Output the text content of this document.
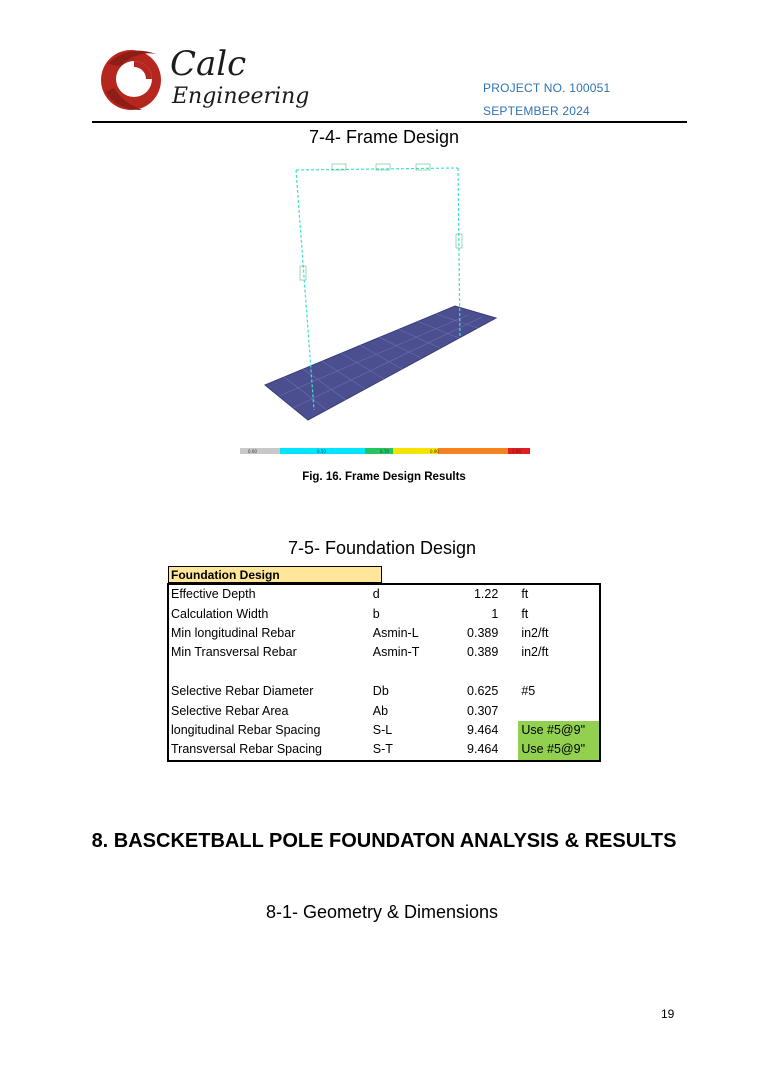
Calc
Engineering	PROJECT NO. 100051
SEPTEMBER 2024
7-4- Frame Design
0.00	0.50	0.70	0.90	1.00
Fig. 16. Frame Design Results
7-5- Foundation Design
Foundation Design
Effective Depth	d	1.22	ft
Calculation Width	b	1	ft
Min longitudinal Rebar	Asmin-L	0.389	in2/ft
Min Transversal Rebar	Asmin-T	0.389	in2/ft

Selective Rebar Diameter	Db	0.625	#5
Selective Rebar Area	Ab	0.307	
longitudinal Rebar Spacing	S-L	9.464	Use #5@9"
Transversal Rebar Spacing	S-T	9.464	Use #5@9"
8. BASCKETBALL POLE FOUNDATON ANALYSIS & RESULTS
8-1- Geometry & Dimensions
19
